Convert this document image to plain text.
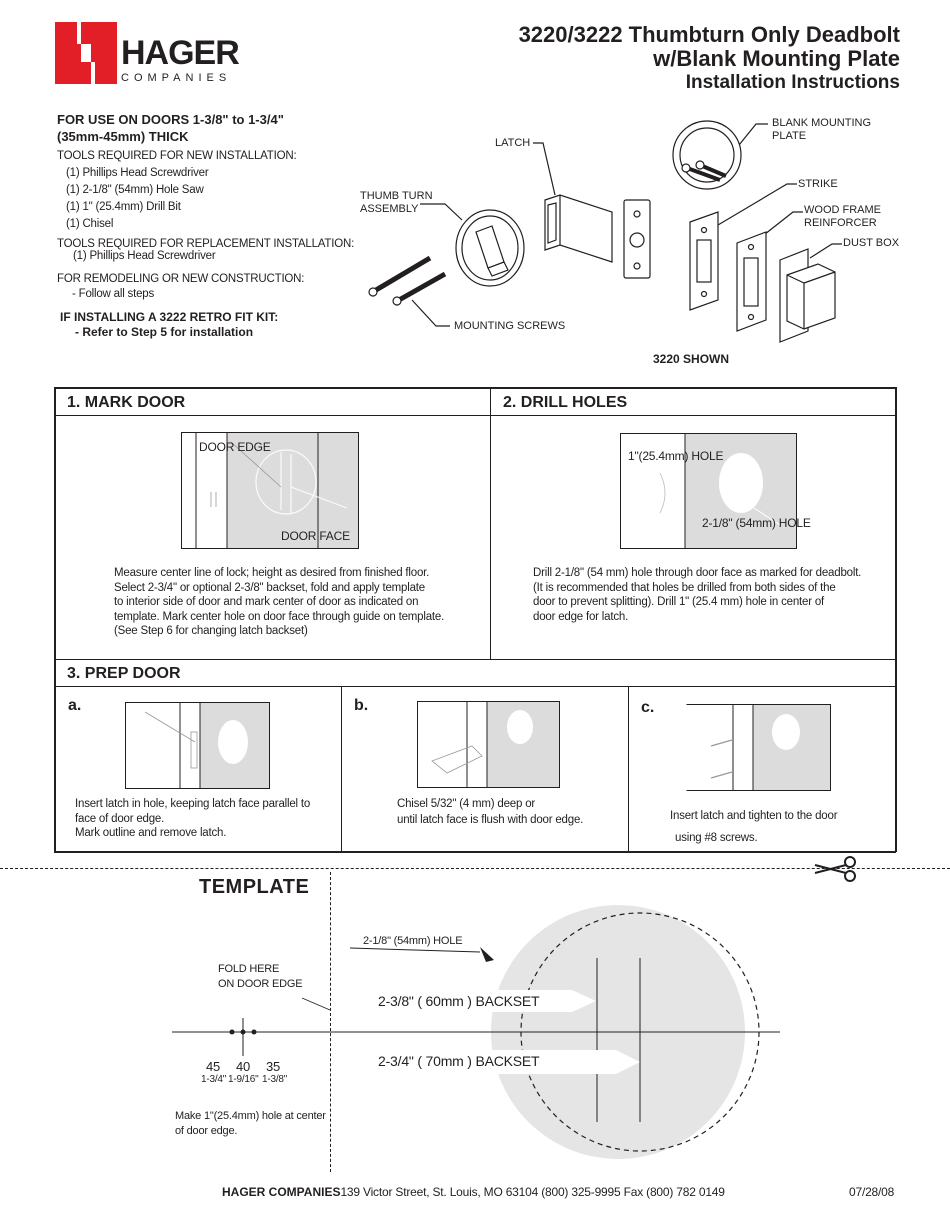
HAGER
COMPANIES
3220/3222 Thumbturn Only Deadbolt
w/Blank Mounting Plate
Installation Instructions
FOR USE ON DOORS 1-3/8" to 1-3/4"
(35mm-45mm) THICK
TOOLS REQUIRED FOR NEW INSTALLATION:
(1) Phillips Head Screwdriver
(1) 2-1/8" (54mm) Hole Saw
(1) 1" (25.4mm) Drill Bit
(1) Chisel
TOOLS REQUIRED FOR REPLACEMENT INSTALLATION:
(1) Phillips Head Screwdriver
FOR REMODELING OR NEW CONSTRUCTION:
- Follow all steps
IF INSTALLING A 3222 RETRO FIT KIT:
- Refer to Step 5 for installation
LATCH
THUMB TURN
ASSEMBLY
BLANK MOUNTING
PLATE
STRIKE
WOOD FRAME
REINFORCER
DUST BOX
MOUNTING SCREWS
3220 SHOWN
1. MARK DOOR
DOOR EDGE
DOOR FACE
Measure center line of lock; height as desired from finished floor.
Select 2-3/4" or optional 2-3/8" backset, fold and apply template
to interior side of door and mark center of door as indicated on
template. Mark center hole on door face through guide on template.
(See Step 6 for changing latch backset)
2. DRILL HOLES
1"(25.4mm) HOLE
2-1/8" (54mm) HOLE
Drill 2-1/8" (54 mm) hole through door face as marked for deadbolt.
(It is recommended that holes be drilled from both sides of the
door to prevent splitting). Drill 1" (25.4 mm) hole in center of
door edge for latch.
3. PREP DOOR
a.
Insert latch in hole, keeping latch face parallel to
face of door edge.
Mark outline and remove latch.
b.
Chisel 5/32" (4 mm) deep or
until latch face is flush with door edge.
c.
Insert latch and tighten to the door
using #8 screws.
TEMPLATE
2-1/8" (54mm) HOLE
FOLD HERE
ON DOOR EDGE
2-3/8" ( 60mm ) BACKSET
2-3/4" ( 70mm ) BACKSET
45 40 35
1-3/4" 1-9/16" 1-3/8"
Make 1"(25.4mm) hole at center
of door edge.
HAGER COMPANIES139 Victor Street, St. Louis, MO 63104 (800) 325-9995 Fax (800) 782 0149	07/28/08
